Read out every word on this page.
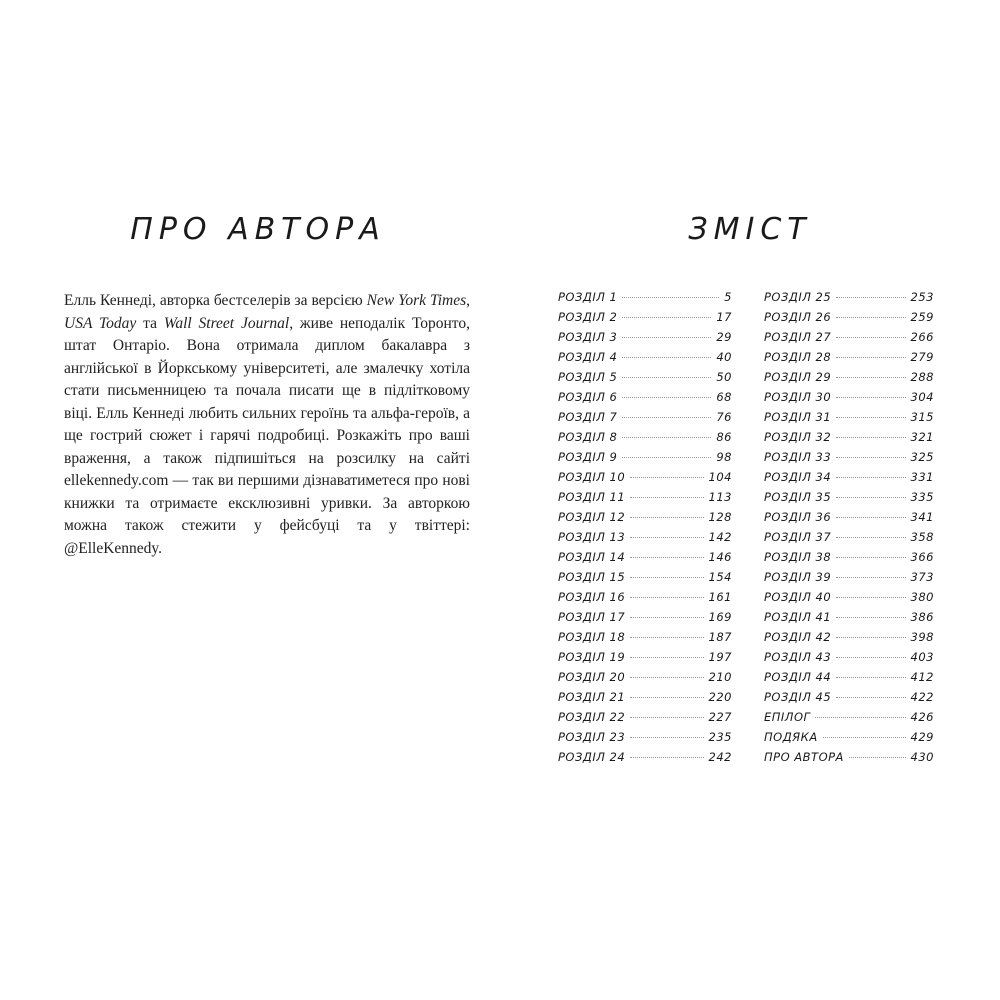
ПРО АВТОРА

Елль Кеннеді, авторка бестселерів за версією New York Times, USA Today та Wall Street Journal, живе неподалік Торонто, штат Онтаріо. Вона отримала диплом бакалавра з англійської в Йоркському університеті, але змалечку хотіла стати письменницею та почала писати ще в підлітковому віці. Елль Кеннеді любить сильних героїнь та альфа-героїв, а ще гострий сюжет і гарячі подробиці. Розкажіть про ваші враження, а також підпишіться на розсилку на сайті ellekennedy.com — так ви першими дізнаватиметеся про нові книжки та отримаєте ексклюзивні уривки. За авторкою можна також стежити у фейсбуці та у твіттері: @ElleKennedy.

ЗМІСТ
РОЗДІЛ 1	5
РОЗДІЛ 2	17
РОЗДІЛ 3	29
РОЗДІЛ 4	40
РОЗДІЛ 5	50
РОЗДІЛ 6	68
РОЗДІЛ 7	76
РОЗДІЛ 8	86
РОЗДІЛ 9	98
РОЗДІЛ 10	104
РОЗДІЛ 11	113
РОЗДІЛ 12	128
РОЗДІЛ 13	142
РОЗДІЛ 14	146
РОЗДІЛ 15	154
РОЗДІЛ 16	161
РОЗДІЛ 17	169
РОЗДІЛ 18	187
РОЗДІЛ 19	197
РОЗДІЛ 20	210
РОЗДІЛ 21	220
РОЗДІЛ 22	227
РОЗДІЛ 23	235
РОЗДІЛ 24	242
РОЗДІЛ 25	253
РОЗДІЛ 26	259
РОЗДІЛ 27	266
РОЗДІЛ 28	279
РОЗДІЛ 29	288
РОЗДІЛ 30	304
РОЗДІЛ 31	315
РОЗДІЛ 32	321
РОЗДІЛ 33	325
РОЗДІЛ 34	331
РОЗДІЛ 35	335
РОЗДІЛ 36	341
РОЗДІЛ 37	358
РОЗДІЛ 38	366
РОЗДІЛ 39	373
РОЗДІЛ 40	380
РОЗДІЛ 41	386
РОЗДІЛ 42	398
РОЗДІЛ 43	403
РОЗДІЛ 44	412
РОЗДІЛ 45	422
ЕПІЛОГ	426
ПОДЯКА	429
ПРО АВТОРА	430
